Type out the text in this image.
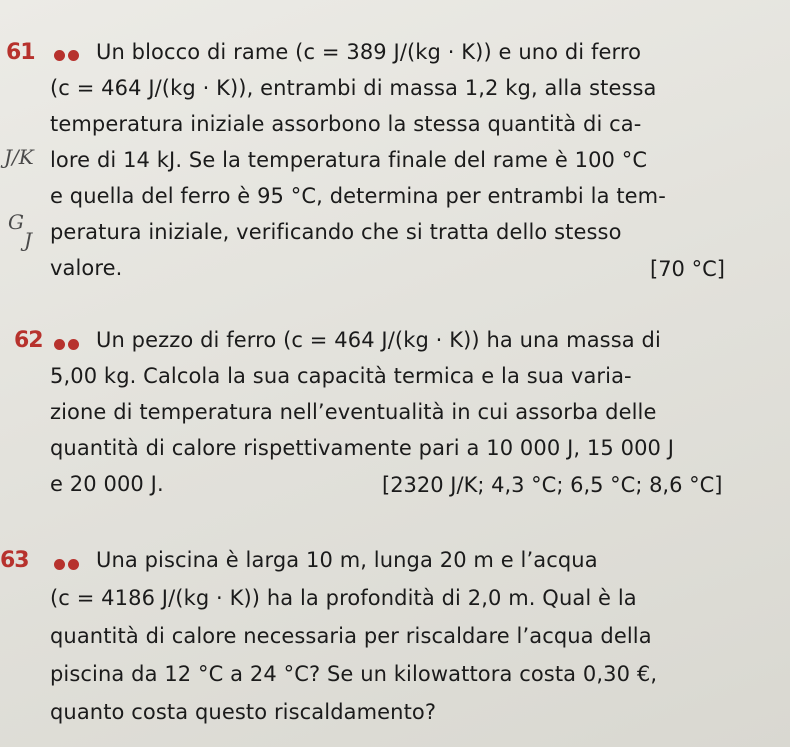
61	Un blocco di rame (c = 389 J/(kg · K)) e uno di ferro
(c = 464 J/(kg · K)), entrambi di massa 1,2 kg, alla stessa
temperatura iniziale assorbono la stessa quantità di ca-
J/K lore di 14 kJ. Se la temperatura finale del rame è 100 °C
e quella del ferro è 95 °C, determina per entrambi la tem-
G
J peratura iniziale, verificando che si tratta dello stesso
valore.	[70 °C]
62	Un pezzo di ferro (c = 464 J/(kg · K)) ha una massa di
5,00 kg. Calcola la sua capacità termica e la sua varia-
zione di temperatura nell’eventualità in cui assorba delle
quantità di calore rispettivamente pari a 10 000 J, 15 000 J
e 20 000 J.	[2320 J/K; 4,3 °C; 6,5 °C; 8,6 °C]
63	Una piscina è larga 10 m, lunga 20 m e l’acqua
(c = 4186 J/(kg · K)) ha la profondità di 2,0 m. Qual è la
quantità di calore necessaria per riscaldare l’acqua della
piscina da 12 °C a 24 °C? Se un kilowattora costa 0,30 €,
quanto costa questo riscaldamento?
